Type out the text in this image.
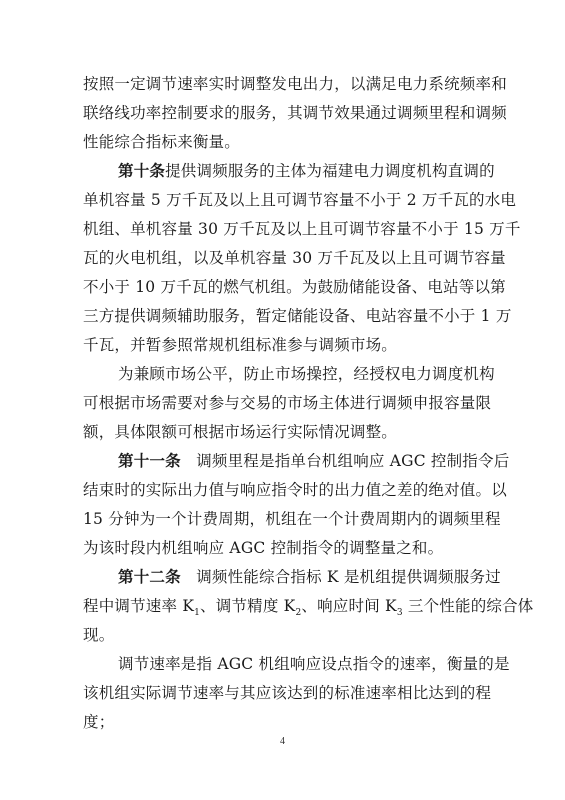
按照一定调节速率实时调整发电出力，以满足电力系统频率和
联络线功率控制要求的服务，其调节效果通过调频里程和调频
性能综合指标来衡量。
第十条提供调频服务的主体为福建电力调度机构直调的
单机容量 5 万千瓦及以上且可调节容量不小于 2 万千瓦的水电
机组、单机容量 30 万千瓦及以上且可调节容量不小于 15 万千
瓦的火电机组，以及单机容量 30 万千瓦及以上且可调节容量
不小于 10 万千瓦的燃气机组。为鼓励储能设备、电站等以第
三方提供调频辅助服务，暂定储能设备、电站容量不小于 1 万
千瓦，并暂参照常规机组标准参与调频市场。
为兼顾市场公平，防止市场操控，经授权电力调度机构
可根据市场需要对参与交易的市场主体进行调频申报容量限
额，具体限额可根据市场运行实际情况调整。
第十一条 调频里程是指单台机组响应 AGC 控制指令后
结束时的实际出力值与响应指令时的出力值之差的绝对值。以
15 分钟为一个计费周期，机组在一个计费周期内的调频里程
为该时段内机组响应 AGC 控制指令的调整量之和。
第十二条 调频性能综合指标 K 是机组提供调频服务过
程中调节速率 $K_1$、调节精度 $K_2$、响应时间 $K_3$ 三个性能的综合体
现。
调节速率是指 AGC 机组响应设点指令的速率，衡量的是
该机组实际调节速率与其应该达到的标准速率相比达到的程
度；
4
